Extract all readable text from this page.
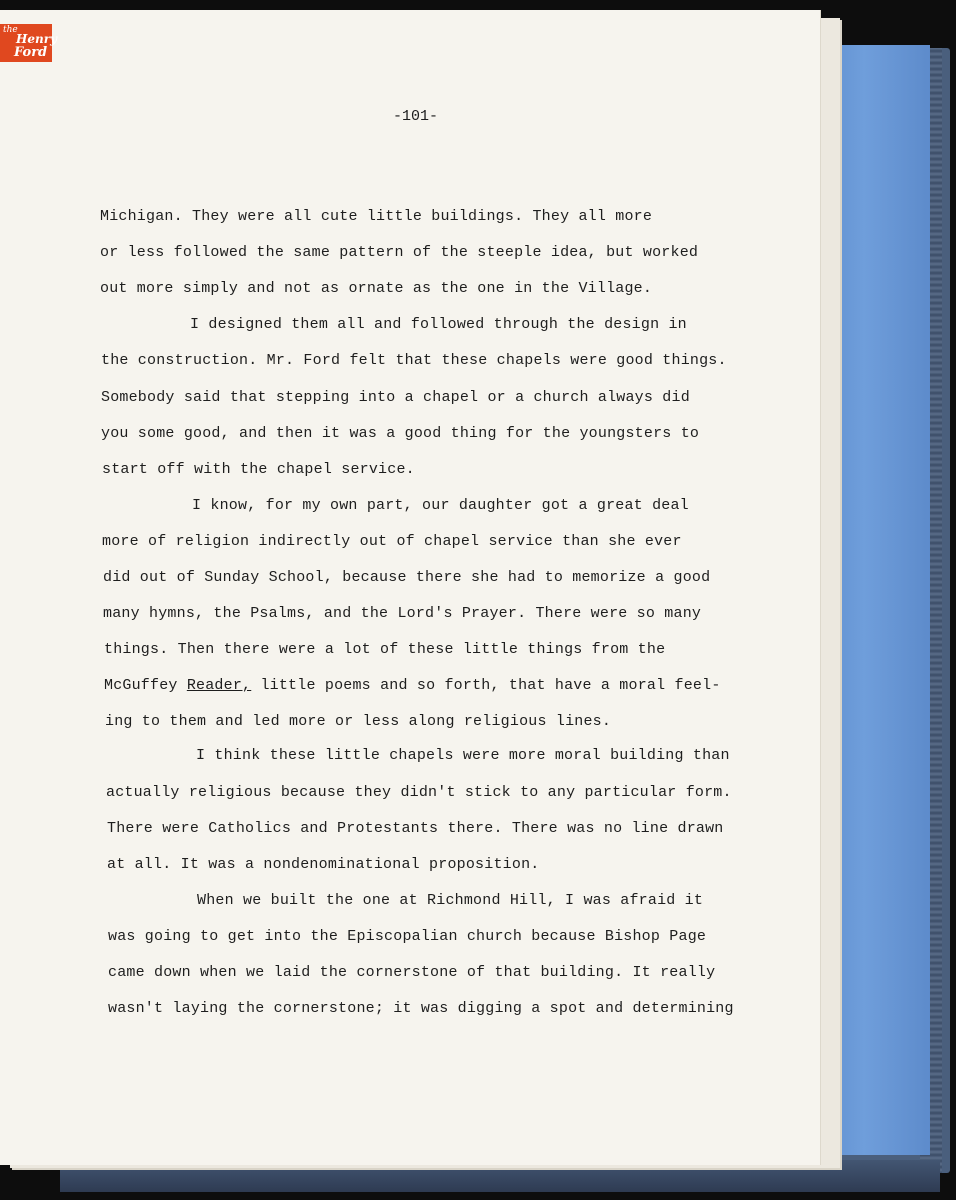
the
Henry
Ford
-101-
Michigan. They were all cute little buildings. They all more
or less followed the same pattern of the steeple idea, but worked
out more simply and not as ornate as the one in the Village.
I designed them all and followed through the design in
the construction. Mr. Ford felt that these chapels were good things.
Somebody said that stepping into a chapel or a church always did
you some good, and then it was a good thing for the youngsters to
start off with the chapel service.
I know, for my own part, our daughter got a great deal
more of religion indirectly out of chapel service than she ever
did out of Sunday School, because there she had to memorize a good
many hymns, the Psalms, and the Lord's Prayer. There were so many
things. Then there were a lot of these little things from the
McGuffey Reader, little poems and so forth, that have a moral feel-
ing to them and led more or less along religious lines.
I think these little chapels were more moral building than
actually religious because they didn't stick to any particular form.
There were Catholics and Protestants there. There was no line drawn
at all. It was a nondenominational proposition.
When we built the one at Richmond Hill, I was afraid it
was going to get into the Episcopalian church because Bishop Page
came down when we laid the cornerstone of that building. It really
wasn't laying the cornerstone; it was digging a spot and determining
